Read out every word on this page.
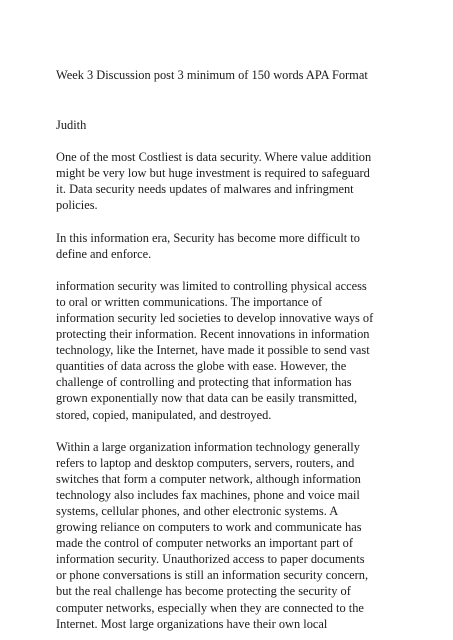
Week 3 Discussion post 3 minimum of 150 words APA Format

Judith

One of the most Costliest is data security. Where value addition
might be very low but huge investment is required to safeguard
it. Data security needs updates of malwares and infringment
policies.

In this information era, Security has become more difficult to
define and enforce.

information security was limited to controlling physical access
to oral or written communications. The importance of
information security led societies to develop innovative ways of
protecting their information. Recent innovations in information
technology, like the Internet, have made it possible to send vast
quantities of data across the globe with ease. However, the
challenge of controlling and protecting that information has
grown exponentially now that data can be easily transmitted,
stored, copied, manipulated, and destroyed.

Within a large organization information technology generally
refers to laptop and desktop computers, servers, routers, and
switches that form a computer network, although information
technology also includes fax machines, phone and voice mail
systems, cellular phones, and other electronic systems. A
growing reliance on computers to work and communicate has
made the control of computer networks an important part of
information security. Unauthorized access to paper documents
or phone conversations is still an information security concern,
but the real challenge has become protecting the security of
computer networks, especially when they are connected to the
Internet. Most large organizations have their own local
